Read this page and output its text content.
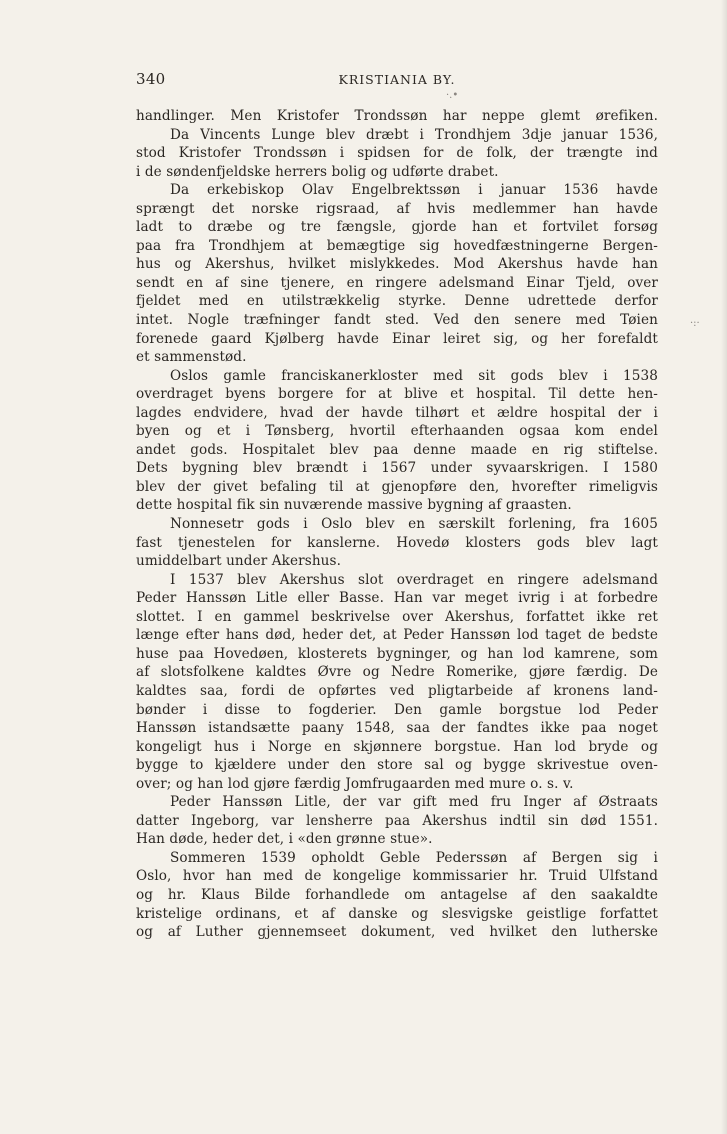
340	KRISTIANIA BY.
·.•
·:·
handlinger. Men Kristofer Trondssøn har neppe glemt ørefiken.
Da Vincents Lunge blev dræbt i Trondhjem 3dje januar 1536,
stod Kristofer Trondssøn i spidsen for de folk, der trængte ind
i de søndenfjeldske herrers bolig og udførte drabet.
Da erkebiskop Olav Engelbrektssøn i januar 1536 havde
sprængt det norske rigsraad, af hvis medlemmer han havde
ladt to dræbe og tre fængsle, gjorde han et fortvilet forsøg
paa fra Trondhjem at bemægtige sig hovedfæstningerne Bergen-
hus og Akershus, hvilket mislykkedes. Mod Akershus havde han
sendt en af sine tjenere, en ringere adelsmand Einar Tjeld, over
fjeldet med en utilstrækkelig styrke. Denne udrettede derfor
intet. Nogle træfninger fandt sted. Ved den senere med Tøien
forenede gaard Kjølberg havde Einar leiret sig, og her forefaldt
et sammenstød.
Oslos gamle franciskanerkloster med sit gods blev i 1538
overdraget byens borgere for at blive et hospital. Til dette hen-
lagdes endvidere, hvad der havde tilhørt et ældre hospital der i
byen og et i Tønsberg, hvortil efterhaanden ogsaa kom endel
andet gods. Hospitalet blev paa denne maade en rig stiftelse.
Dets bygning blev brændt i 1567 under syvaarskrigen. I 1580
blev der givet befaling til at gjenopføre den, hvorefter rimeligvis
dette hospital fik sin nuværende massive bygning af graasten.
Nonnesetr gods i Oslo blev en særskilt forlening, fra 1605
fast tjenestelen for kanslerne. Hovedø klosters gods blev lagt
umiddelbart under Akershus.
I 1537 blev Akershus slot overdraget en ringere adelsmand
Peder Hanssøn Litle eller Basse. Han var meget ivrig i at forbedre
slottet. I en gammel beskrivelse over Akershus, forfattet ikke ret
længe efter hans død, heder det, at Peder Hanssøn lod taget de bedste
huse paa Hovedøen, klosterets bygninger, og han lod kamrene, som
af slotsfolkene kaldtes Øvre og Nedre Romerike, gjøre færdig. De
kaldtes saa, fordi de opførtes ved pligtarbeide af kronens land-
bønder i disse to fogderier. Den gamle borgstue lod Peder
Hanssøn istandsætte paany 1548, saa der fandtes ikke paa noget
kongeligt hus i Norge en skjønnere borgstue. Han lod bryde og
bygge to kjældere under den store sal og bygge skrivestue oven-
over; og han lod gjøre færdig Jomfrugaarden med mure o. s. v.
Peder Hanssøn Litle, der var gift med fru Inger af Østraats
datter Ingeborg, var lensherre paa Akershus indtil sin død 1551.
Han døde, heder det, i «den grønne stue».
Sommeren 1539 opholdt Geble Pederssøn af Bergen sig i
Oslo, hvor han med de kongelige kommissarier hr. Truid Ulfstand
og hr. Klaus Bilde forhandlede om antagelse af den saakaldte
kristelige ordinans, et af danske og slesvigske geistlige forfattet
og af Luther gjennemseet dokument, ved hvilket den lutherske
